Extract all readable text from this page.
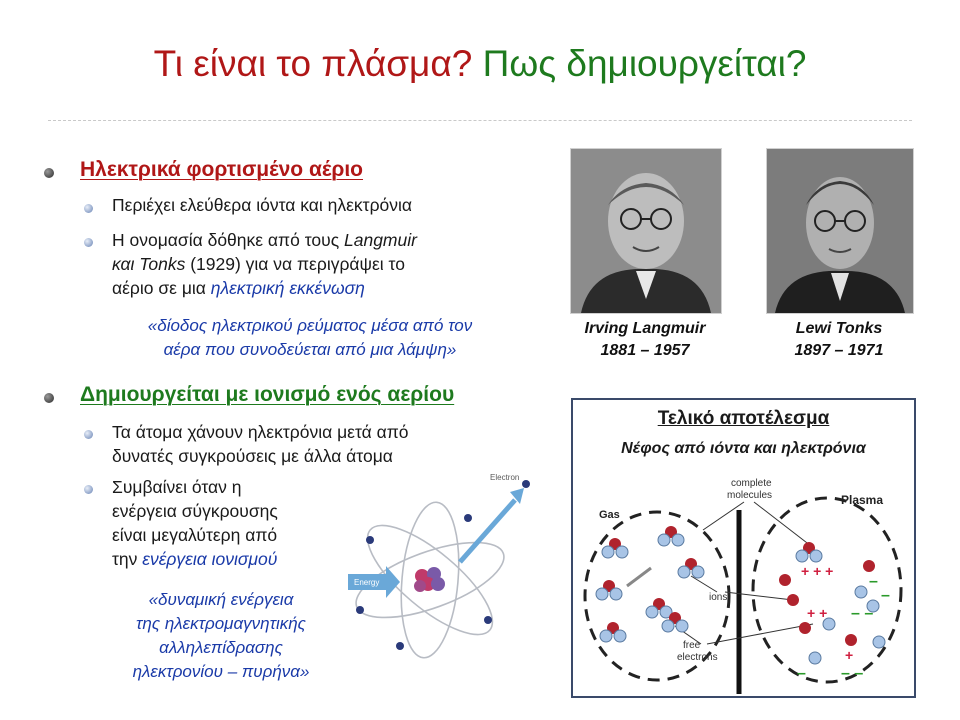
Τι είναι το πλάσμα? Πως δημιουργείται?
Ηλεκτρικά φορτισμένο αέριο
Περιέχει ελεύθερα ιόντα και ηλεκτρόνια
Η ονομασία δόθηκε από τους Langmuir
και Tonks (1929) για να περιγράψει το
αέριο σε μια ηλεκτρική εκκένωση
«δίοδος ηλεκτρικού ρεύματος μέσα από τον
αέρα που συνοδεύεται από μια λάμψη»
Δημιουργείται με ιονισμό ενός αερίου
Τα άτομα χάνουν ηλεκτρόνια μετά από
δυνατές συγκρούσεις με άλλα άτομα
Συμβαίνει όταν η
ενέργεια σύγκρουσης
είναι μεγαλύτερη από
την ενέργεια ιονισμού
«δυναμική ενέργεια
της ηλεκτρομαγνητικής
αλληλεπίδρασης
ηλεκτρονίου – πυρήνα»
Electron
Energy
Irving Langmuir
1881 – 1957
Lewi Tonks
1897 – 1971
Τελικό αποτέλεσμα
Νέφος από ιόντα και ηλεκτρόνια
Gas
Plasma
complete
molecules
ions
free
electrons
+ + +
+ +
+
–
–
– –
– –
–
